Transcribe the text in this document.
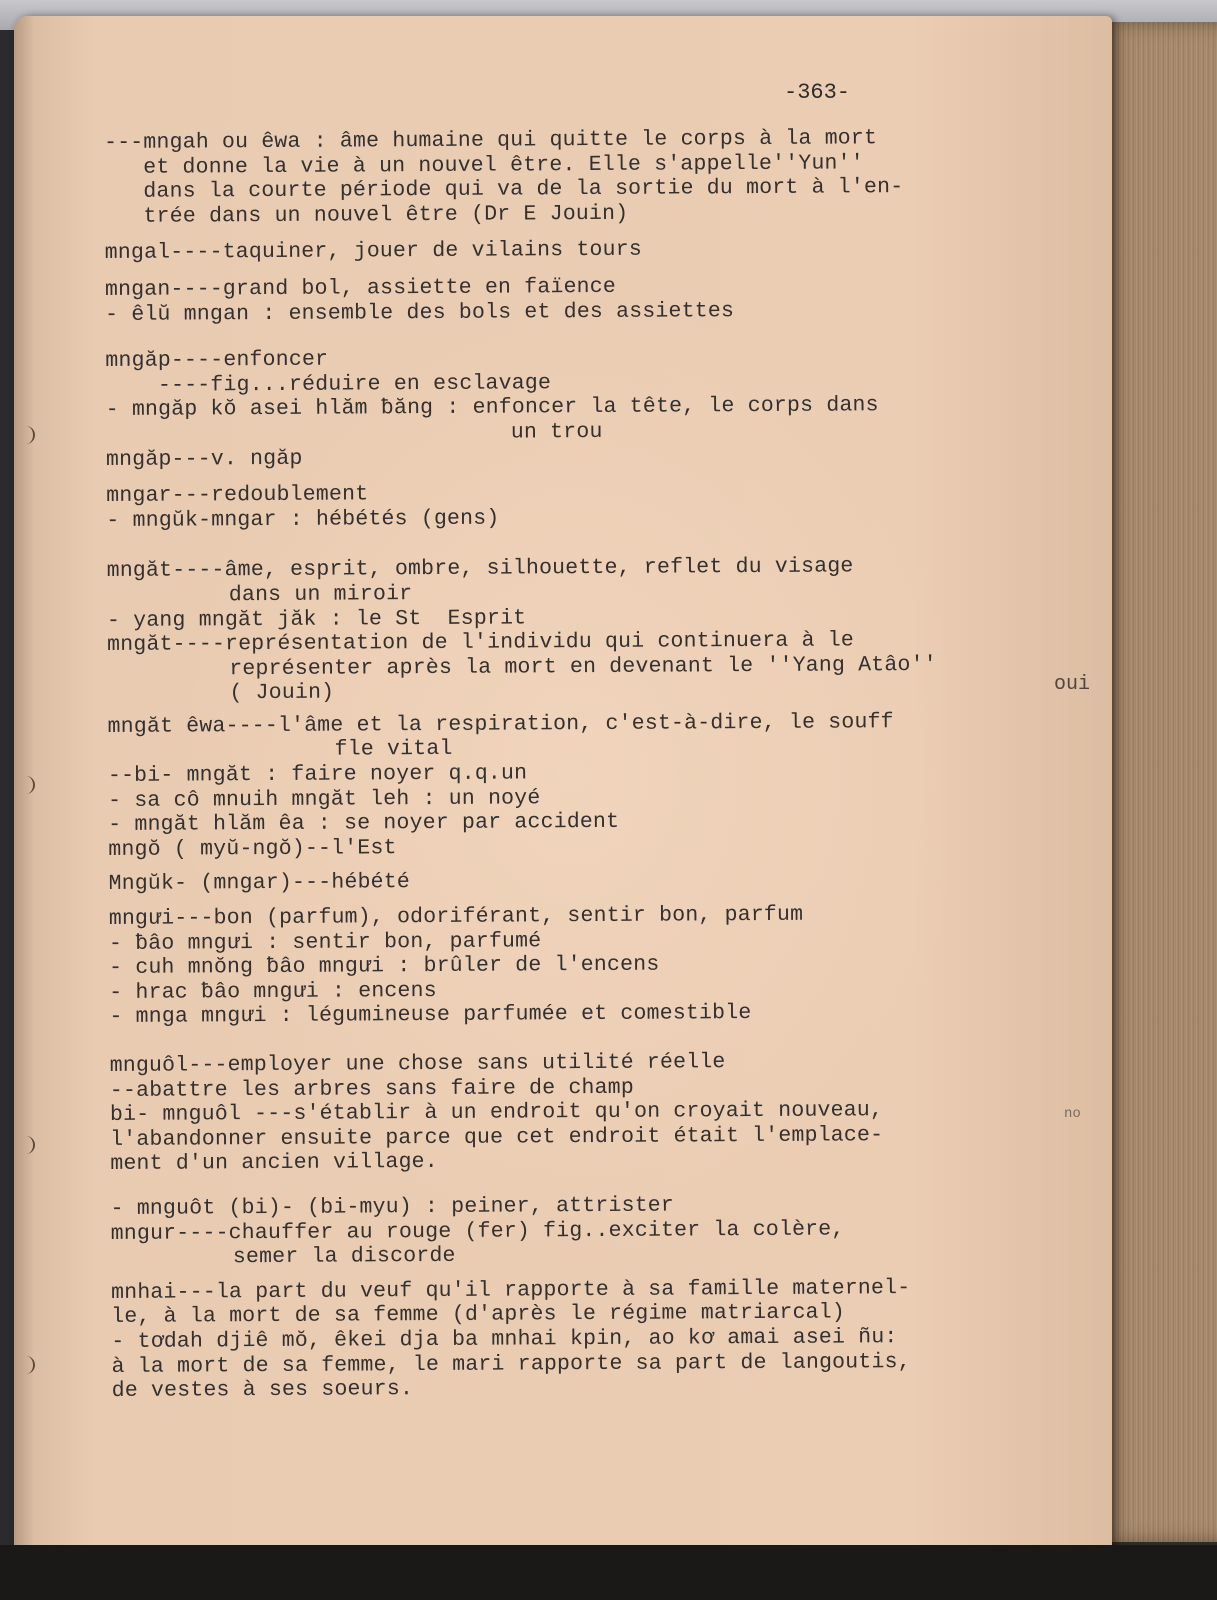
-363-
---mngah ou êwa : âme humaine qui quitte le corps à la mort
et donne la vie à un nouvel être. Elle s'appelle''Yun''
dans la courte période qui va de la sortie du mort à l'en-
trée dans un nouvel être (Dr E Jouin)
mngal----taquiner, jouer de vilains tours
mngan----grand bol, assiette en faïence
- êlŭ mngan : ensemble des bols et des assiettes
mngăp----enfoncer
----fig...réduire en esclavage
- mngăp kŏ asei hlăm ƀăng : enfoncer la tête, le corps dans
un trou
mngăp---v. ngăp
mngar---redoublement
- mngŭk-mngar : hébétés (gens)
mngăt----âme, esprit, ombre, silhouette, reflet du visage
dans un miroir
- yang mngăt jăk : le St  Esprit
mngăt----représentation de l'individu qui continuera à le
représenter après la mort en devenant le ''Yang Atâo''
( Jouin)
mngăt êwa----l'âme et la respiration, c'est-à-dire, le souff
fle vital
--bi- mngăt : faire noyer q.q.un
- sa cô mnuih mngăt leh : un noyé
- mngăt hlăm êa : se noyer par accident
mngŏ ( myŭ-ngŏ)--l'Est
Mngŭk- (mngar)---hébété
mngưi---bon (parfum), odoriférant, sentir bon, parfum
- ƀâo mngưi : sentir bon, parfumé
- cuh mnŏng ƀâo mngưi : brûler de l'encens
- hrac ƀâo mngưi : encens
- mnga mngưi : légumineuse parfumée et comestible
mnguôl---employer une chose sans utilité réelle
--abattre les arbres sans faire de champ
bi- mnguôl ---s'établir à un endroit qu'on croyait nouveau,
l'abandonner ensuite parce que cet endroit était l'emplace-
ment d'un ancien village.
- mnguôt (bi)- (bi-myu) : peiner, attrister
mngur----chauffer au rouge (fer) fig..exciter la colère,
semer la discorde
mnhai---la part du veuf qu'il rapporte à sa famille maternel-
le, à la mort de sa femme (d'après le régime matriarcal)
- tơdah djiê mŏ, êkei dja ba mnhai kpin, ao kơ amai asei ñu:
à la mort de sa femme, le mari rapporte sa part de langoutis,
de vestes à ses soeurs.
oui
no
